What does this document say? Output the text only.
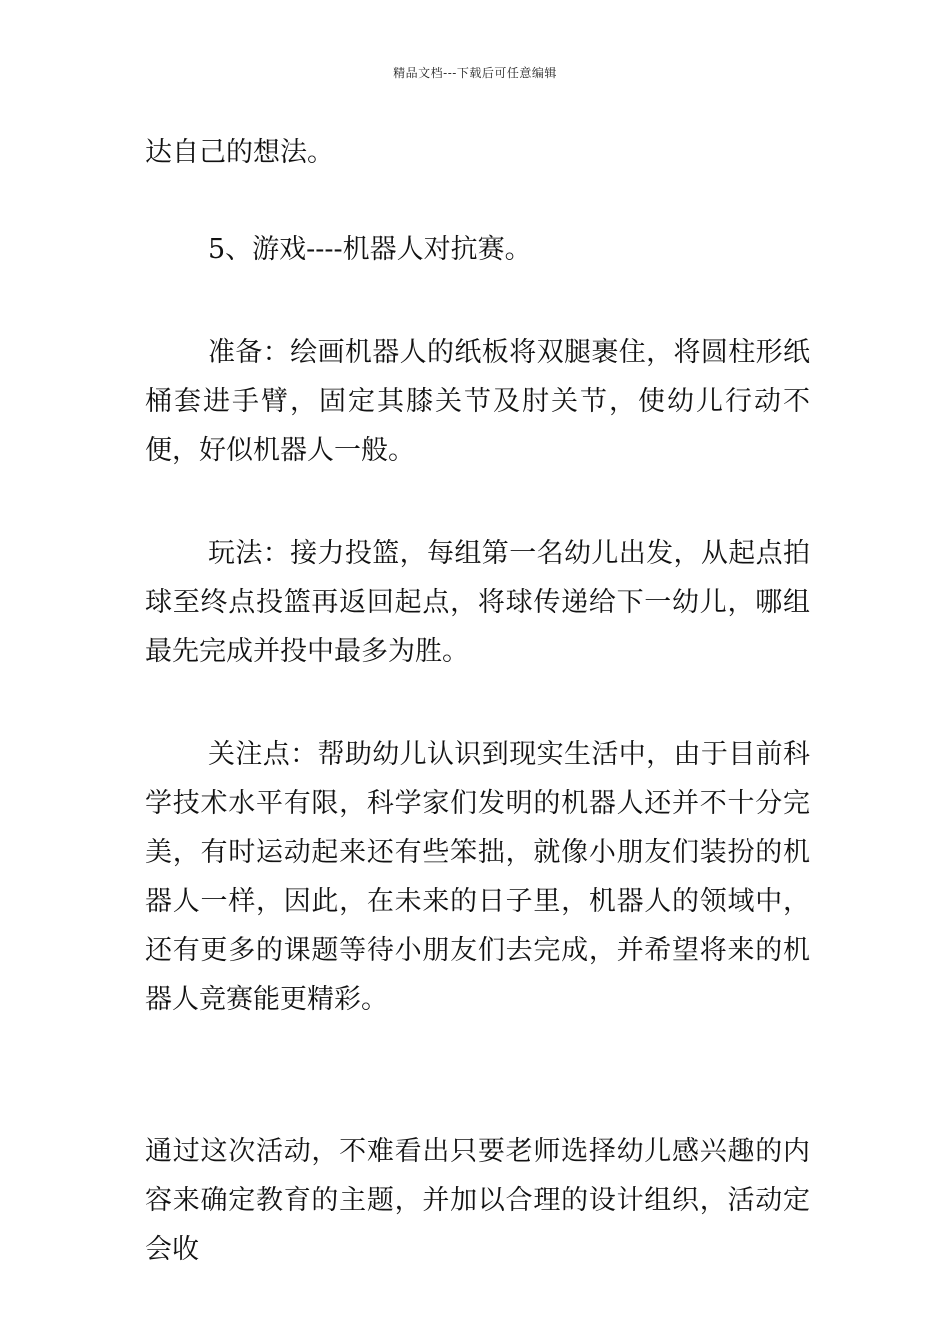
精品文档---下载后可任意编辑

达自己的想法。

5、游戏----机器人对抗赛。

准备：绘画机器人的纸板将双腿裹住，将圆柱形纸桶套进手臂，固定其膝关节及肘关节，使幼儿行动不便，好似机器人一般。

玩法：接力投篮，每组第一名幼儿出发，从起点拍球至终点投篮再返回起点，将球传递给下一幼儿，哪组最先完成并投中最多为胜。

关注点：帮助幼儿认识到现实生活中，由于目前科学技术水平有限，科学家们发明的机器人还并不十分完美，有时运动起来还有些笨拙，就像小朋友们装扮的机器人一样，因此，在未来的日子里，机器人的领域中，还有更多的课题等待小朋友们去完成，并希望将来的机器人竞赛能更精彩。

通过这次活动，不难看出只要老师选择幼儿感兴趣的内容来确定教育的主题，并加以合理的设计组织，活动定会收
